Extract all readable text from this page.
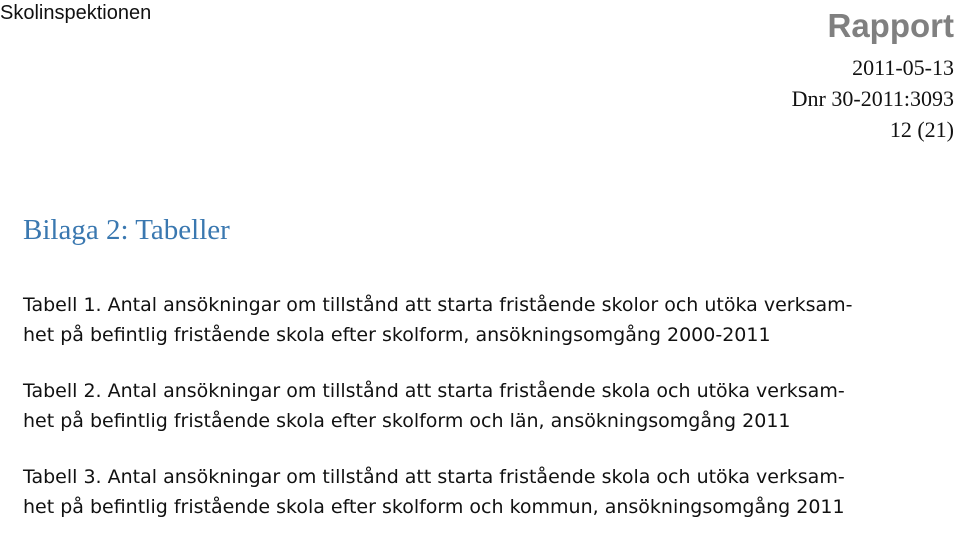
Skolinspektionen	Rapport
2011-05-13
Dnr 30-2011:3093
12 (21)
Bilaga 2: Tabeller

Tabell 1. Antal ansökningar om tillstånd att starta fristående skolor och utöka verksam-
het på befintlig fristående skola efter skolform, ansökningsomgång 2000-2011

Tabell 2. Antal ansökningar om tillstånd att starta fristående skola och utöka verksam-
het på befintlig fristående skola efter skolform och län, ansökningsomgång 2011

Tabell 3. Antal ansökningar om tillstånd att starta fristående skola och utöka verksam-
het på befintlig fristående skola efter skolform och kommun, ansökningsomgång 2011
